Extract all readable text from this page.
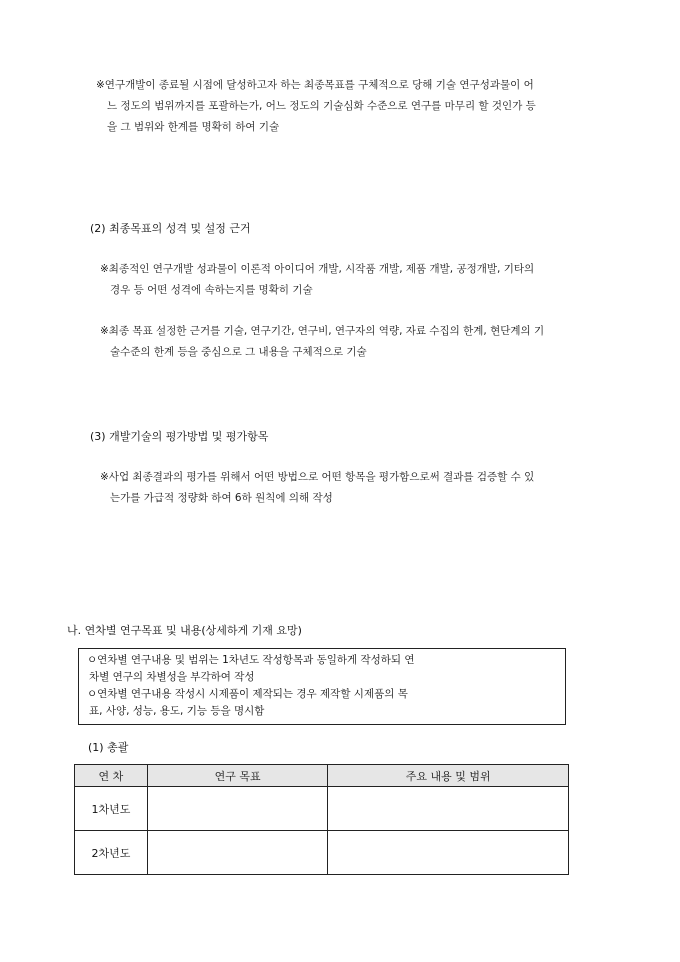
※연구개발이 종료될 시점에 달성하고자 하는 최종목표를 구체적으로 당해 기술 연구성과물이 어
느 정도의 범위까지를 포괄하는가, 어느 정도의 기술심화 수준으로 연구를 마무리 할 것인가 등
을 그 범위와 한계를 명확히 하여 기술
(2) 최종목표의 성격 및 설정 근거
※최종적인 연구개발 성과물이 이론적 아이디어 개발, 시작품 개발, 제품 개발, 공정개발, 기타의
경우 등 어떤 성격에 속하는지를 명확히 기술
※최종 목표 설정한 근거를 기술, 연구기간, 연구비, 연구자의 역량, 자료 수집의 한계, 현단계의 기
술수준의 한계 등을 중심으로 그 내용을 구체적으로 기술
(3) 개발기술의 평가방법 및 평가항목
※사업 최종결과의 평가를 위해서 어떤 방법으로 어떤 항목을 평가함으로써 결과를 검증할 수 있
는가를 가급적 정량화 하여 6하 원칙에 의해 작성
나. 연차별 연구목표 및 내용(상세하게 기재 요망)
ㅇ연차별 연구내용 및 범위는 1차년도 작성항목과 동일하게 작성하되 연
차별 연구의 차별성을 부각하여 작성
ㅇ연차별 연구내용 작성시 시제품이 제작되는 경우 제작할 시제품의 목
표, 사양, 성능, 용도, 기능 등을 명시함
(1) 총괄
연 차	연구 목표	주요 내용 및 범위
1차년도		
2차년도		
